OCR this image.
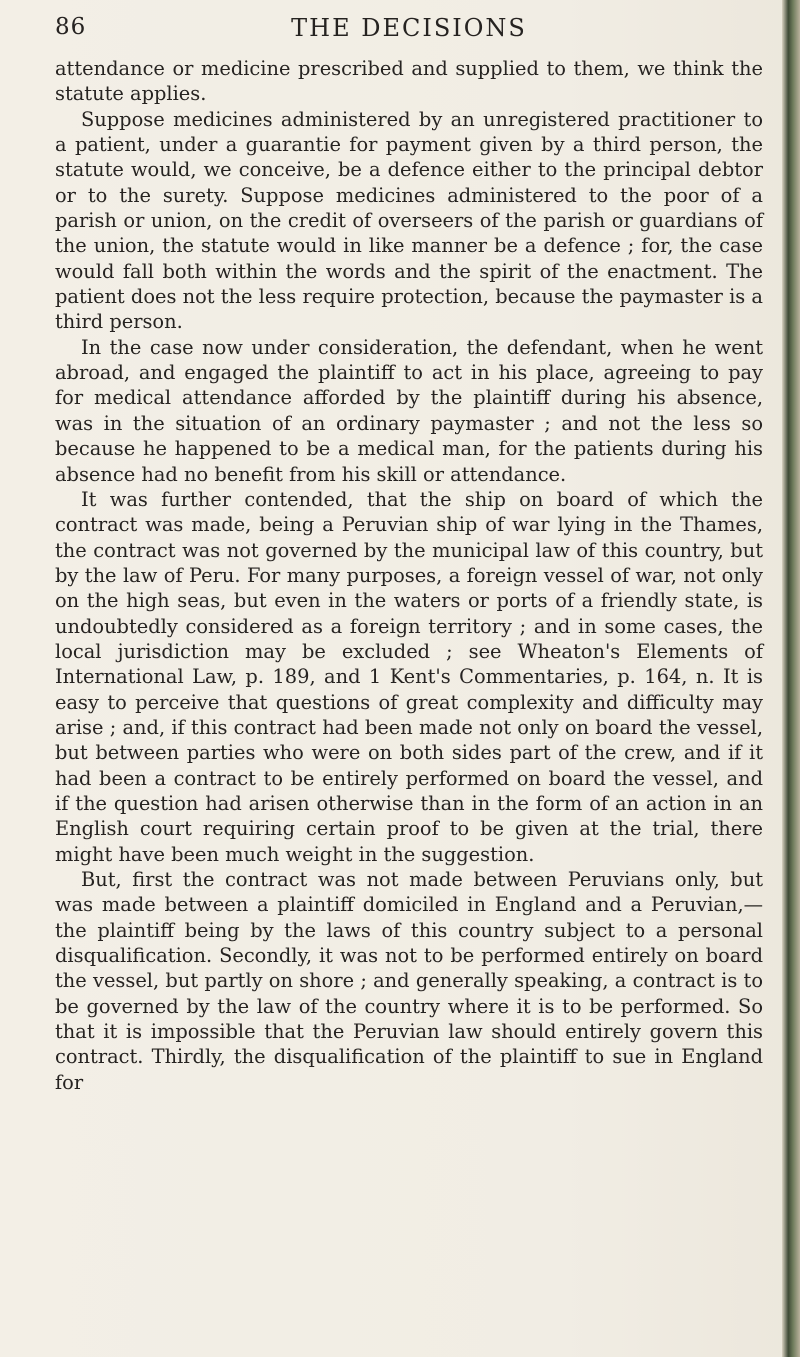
86	THE DECISIONS

attendance or medicine prescribed and supplied to them, we think the statute applies.

Suppose medicines administered by an unregistered practitioner to a patient, under a guarantie for payment given by a third person, the statute would, we conceive, be a defence either to the principal debtor or to the surety. Suppose medicines administered to the poor of a parish or union, on the credit of overseers of the parish or guardians of the union, the statute would in like manner be a defence ; for, the case would fall both within the words and the spirit of the enactment. The patient does not the less require protection, because the paymaster is a third person.

In the case now under consideration, the defendant, when he went abroad, and engaged the plaintiff to act in his place, agreeing to pay for medical attendance afforded by the plaintiff during his absence, was in the situation of an ordinary paymaster ; and not the less so because he happened to be a medical man, for the patients during his absence had no benefit from his skill or attendance.

It was further contended, that the ship on board of which the contract was made, being a Peruvian ship of war lying in the Thames, the contract was not governed by the municipal law of this country, but by the law of Peru. For many purposes, a foreign vessel of war, not only on the high seas, but even in the waters or ports of a friendly state, is undoubtedly considered as a foreign territory ; and in some cases, the local jurisdiction may be excluded ; see Wheaton's Elements of International Law, p. 189, and 1 Kent's Commentaries, p. 164, n. It is easy to perceive that questions of great complexity and difficulty may arise ; and, if this contract had been made not only on board the vessel, but between parties who were on both sides part of the crew, and if it had been a contract to be entirely performed on board the vessel, and if the question had arisen otherwise than in the form of an action in an English court requiring certain proof to be given at the trial, there might have been much weight in the suggestion.

But, first the contract was not made between Peruvians only, but was made between a plaintiff domiciled in England and a Peruvian,—the plaintiff being by the laws of this country subject to a personal disqualification. Secondly, it was not to be performed entirely on board the vessel, but partly on shore ; and generally speaking, a contract is to be governed by the law of the country where it is to be performed. So that it is impossible that the Peruvian law should entirely govern this contract. Thirdly, the disqualification of the plaintiff to sue in England for
